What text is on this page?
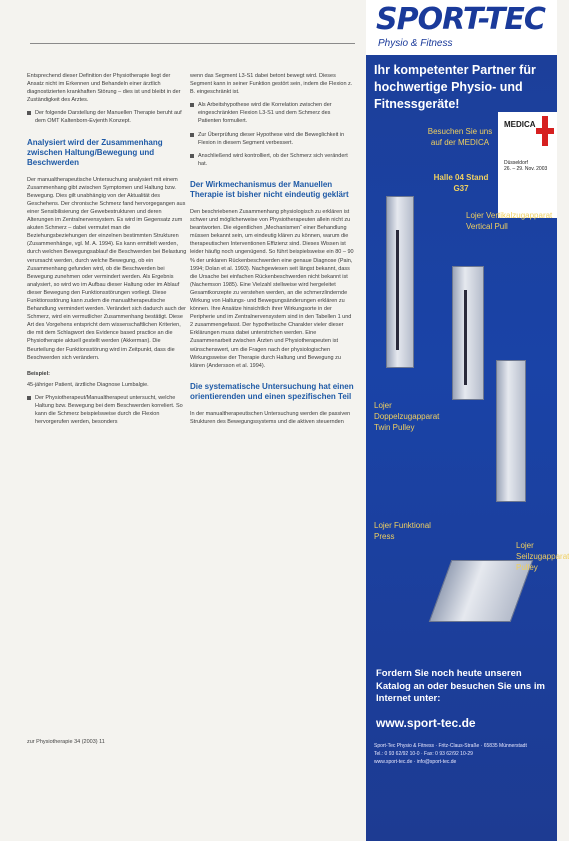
Entsprechend dieser Definition der Physiotherapie liegt der Ansatz nicht im Erkennen und Behandeln einer ärztlich diagnostizierten krankhaften Störung – dies ist und bleibt in der Zuständigkeit des Arztes.

Der folgende Darstellung der Manuellen Therapie beruht auf dem OMT Kaltenborn-Evjenth Konzept.
Analysiert wird der Zusammenhang zwischen Haltung/Bewegung und Beschwerden

Der manualtherapeutische Untersuchung analysiert mit einem Zusammenhang gibt zwischen Symptomen und Haltung bzw. Bewegung. Dies gilt unabhängig von der Aktualität des Geschehens. Der chronische Schmerz fand hervorgegangen aus einer Sensibilisierung der Gewebestrukturen und deren Alterungen im Zentralnervensystem. Es wird im Gegensatz zum akuten Schmerz – dabei vermutet man die Beziehungsbeziehungen der einzelnen bestimmten Strukturen (Zusammenhänge, vgl. M. A. 1994). Es kann ermittelt werden, durch welchen Bewegungsablauf die Beschwerden bei Belastung verursacht werden, durch welche Bewegung, ob ein Zusammenhang gefunden wird, ob die Beschwerden bei Bewegung zunehmen oder vermindert werden. Als Ergebnis analysiert, so wird wo im Aufbau dieser Haltung oder im Ablauf dieser Bewegung den Funktionsstörungen vorliegt. Diese Funktionsstörung kann zudem die manualtherapeutische Behandlung vermindert werden. Verändert sich dadurch auch der Schmerz, wird ein vermutlicher Zusammenhang bestätigt. Diese Art des Vorgehens entspricht dem wissenschaftlichen Kriterien, die mit dem Schlagwort des Evidence based practice an die Physiotherapie aktuell gestellt werden (Akkerman). Die Beurteilung der Funktionsstörung wird im Zeitpunkt, dass die Beschwerden sich verändern.

Beispiel:

45-jähriger Patient, ärztliche Diagnose Lumbalgie.

Der Physiotherapeut/Manualtherapeut untersucht, welche Haltung bzw. Bewegung bei dem Beschwerden korreliert. So kann die Schmerz beispielsweise durch die Flexion hervorgerufen werden, besonders

wenn das Segment L3-S1 dabei betont bewegt wird. Dieses Segment kann in seiner Funktion gestört sein, indem die Flexion z. B. eingeschränkt ist.

Als Arbeitshypothese wird die Korrelation zwischen der eingeschränkten Flexion L3-S1 und dem Schmerz des Patienten formuliert.
Zur Überprüfung dieser Hypothese wird die Beweglichkeit in Flexion in diesem Segment verbessert.
Anschließend wird kontrolliert, ob der Schmerz sich verändert hat.
Der Wirkmechanismus der Manuellen Therapie ist bisher nicht eindeutig geklärt

Den beschriebenen Zusammenhang physiologisch zu erklären ist schwer und möglicherweise von Physiotherapeuten allein nicht zu beantworten. Die eigentlichen „Mechanismen“ einer Behandlung müssen bekannt sein, um eindeutig klären zu können, warum die therapeutischen Interventionen Effizienz sind. Dieses Wissen ist leider häufig noch ungenügend. So führt beispielsweise ein 80 – 90 % der unklaren Rückenbeschwerden eine genaue Diagnose (Pain, 1994; Dolan et al. 1993). Nachgewiesen seit längst bekannt, dass die Ursache bei einfachen Rückenbeschwerden nicht bekannt ist (Nachemson 1985). Eine Vielzahl stellweise wird hergeleitet Gesamtkonzepte zu verstehen werden, an die schmerzlindernde Wirkung von Haltungs- und Bewegungsänderungen erklären zu können. Ihre Ansätze hinsichtlich ihrer Wirkungsorte in der Peripherie und im Zentralnervensystem sind in den Tabellen 1 und 2 zusammengefasst. Der hypothetische Charakter vieler dieser Erklärungen muss dabei unterstrichen werden. Eine Zusammenarbeit zwischen Ärzten und Physiotherapeuten ist wünschenswert, um die Fragen nach der physiologischen Wirkungsweise der Therapie durch Haltung und Bewegung zu klären (Andersson et al. 1994).

Die systematische Untersuchung hat einen orientierenden und einen spezifischen Teil

In der manualtherapeutischen Untersuchung werden die passiven Strukturen des Bewegungssystems und die aktiven steuernden

zur Physiotherapie 34 (2003) 11
SPORT-TEC
Physio & Fitness
Ihr kompetenter Partner für hochwertige Physio- und Fitnessgeräte!
Besuchen Sie uns auf der MEDICA
Halle 04 Stand G37
MEDICA
Düsseldorf
26. – 29. Nov. 2003
Lojer Vertikalzugapparat Vertical Pull
Lojer Doppelzugapparat Twin Pulley
Lojer Funktional Press
Lojer Seilzugapparat Pulley
Fordern Sie noch heute unseren Katalog an oder besuchen Sie uns im Internet unter:
www.sport-tec.de
Sport-Tec Physio & Fitness · Fritz-Claus-Straße · 65835 Münnerstadt
Tel.: 0 93 62/92 10-0 · Fax: 0 93 62/92 10-29
www.sport-tec.de · info@sport-tec.de
